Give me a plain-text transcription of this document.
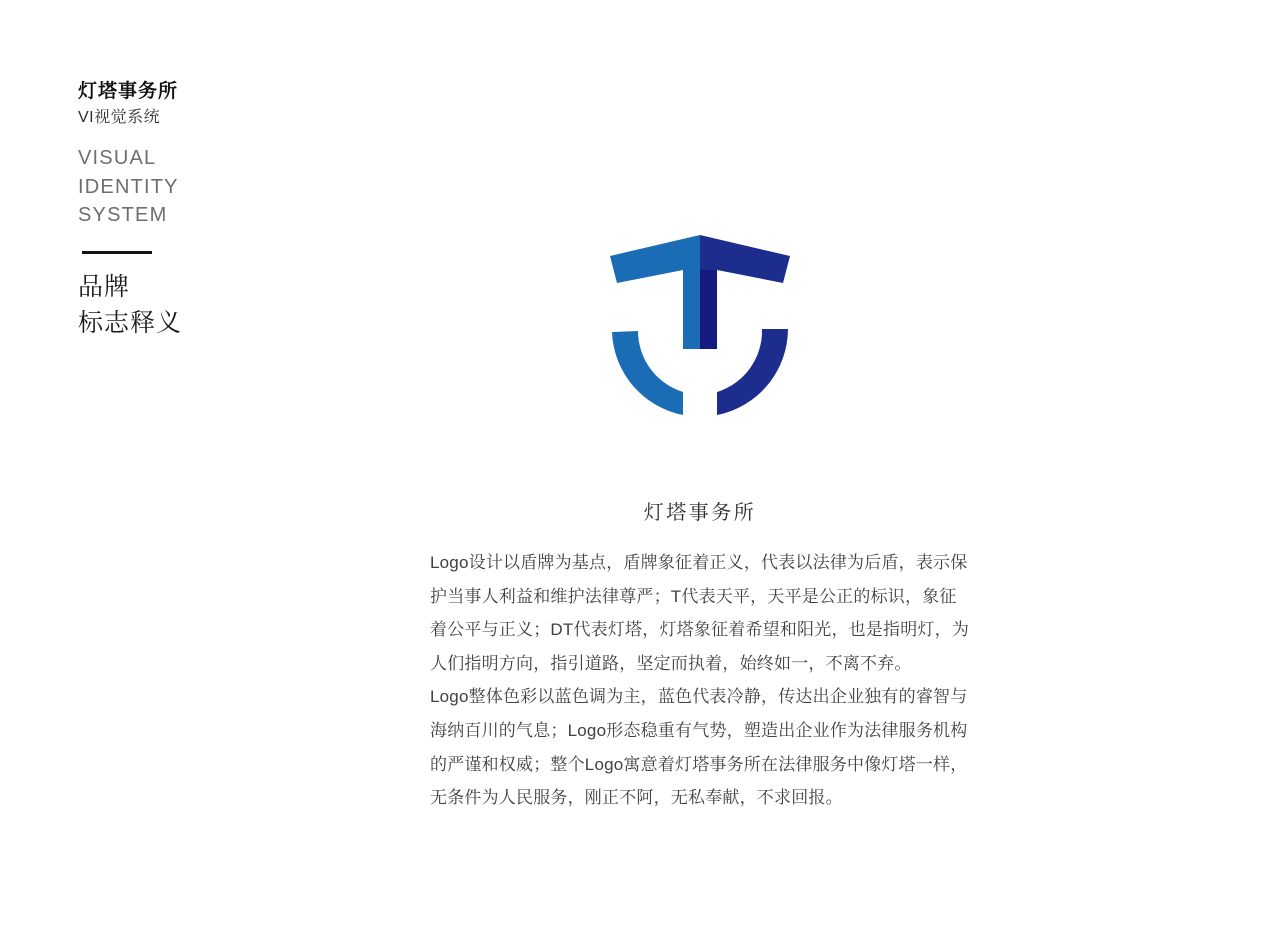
灯塔事务所
VI视觉系统
VISUAL
IDENTITY
SYSTEM
品牌
标志释义
灯塔事务所
Logo设计以盾牌为基点，盾牌象征着正义，代表以法律为后盾，表示保
护当事人利益和维护法律尊严；T代表天平，天平是公正的标识，象征
着公平与正义；DT代表灯塔，灯塔象征着希望和阳光，也是指明灯，为
人们指明方向，指引道路，坚定而执着，始终如一，不离不弃。
Logo整体色彩以蓝色调为主，蓝色代表冷静，传达出企业独有的睿智与
海纳百川的气息；Logo形态稳重有气势，塑造出企业作为法律服务机构
的严谨和权威；整个Logo寓意着灯塔事务所在法律服务中像灯塔一样，
无条件为人民服务，刚正不阿，无私奉献，不求回报。
